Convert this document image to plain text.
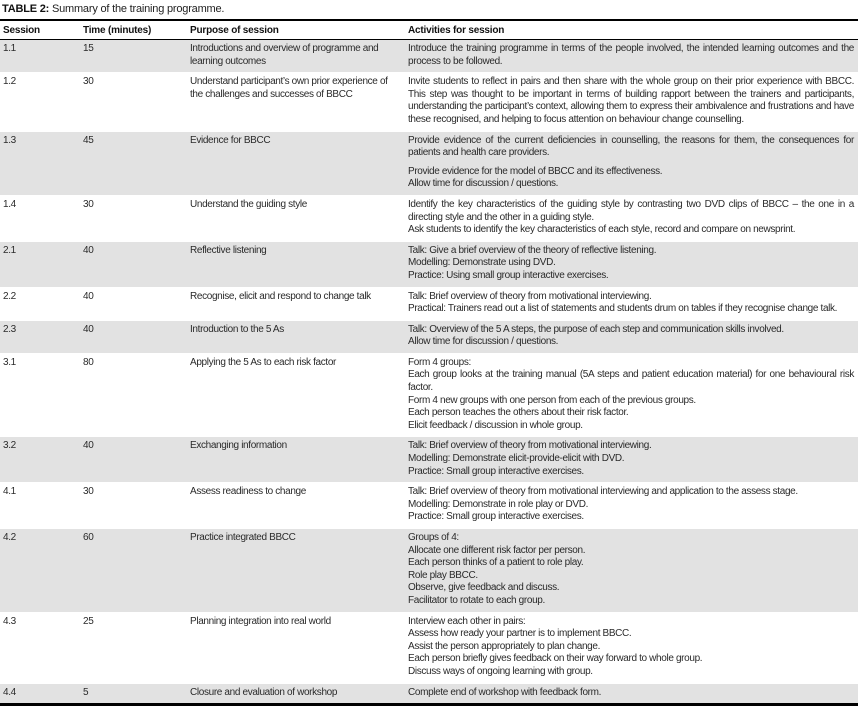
TABLE 2: Summary of the training programme.
Session	Time (minutes)	Purpose of session	Activities for session
1.1	15	Introductions and overview of programme and learning outcomes	Introduce the training programme in terms of the people involved, the intended learning outcomes and the process to be followed.

1.2	30	Understand participant’s own prior experience of the challenges and successes of BBCC	Invite students to reflect in pairs and then share with the whole group on their prior experience with BBCC. This step was thought to be important in terms of building rapport between the trainers and participants, understanding the participant’s context, allowing them to express their ambivalence and frustrations and have these recognised, and helping to focus attention on behaviour change counselling.

1.3	45	Evidence for BBCC	Provide evidence of the current deficiencies in counselling, the reasons for them, the consequences for patients and health care providers.
Provide evidence for the model of BBCC and its effectiveness.
Allow time for discussion / questions.

1.4	30	Understand the guiding style	Identify the key characteristics of the guiding style by contrasting two DVD clips of BBCC – the one in a directing style and the other in a guiding style.
Ask students to identify the key characteristics of each style, record and compare on newsprint.

2.1	40	Reflective listening	Talk: Give a brief overview of the theory of reflective listening.
Modelling: Demonstrate using DVD.
Practice: Using small group interactive exercises.

2.2	40	Recognise, elicit and respond to change talk	Talk: Brief overview of theory from motivational interviewing.
Practical: Trainers read out a list of statements and students drum on tables if they recognise change talk.

2.3	40	Introduction to the 5 As	Talk: Overview of the 5 A steps, the purpose of each step and communication skills involved.
Allow time for discussion / questions.

3.1	80	Applying the 5 As to each risk factor	Form 4 groups:
Each group looks at the training manual (5A steps and patient education material) for one behavioural risk factor.
Form 4 new groups with one person from each of the previous groups.
Each person teaches the others about their risk factor.
Elicit feedback / discussion in whole group.

3.2	40	Exchanging information	Talk: Brief overview of theory from motivational interviewing.
Modelling: Demonstrate elicit-provide-elicit with DVD.
Practice: Small group interactive exercises.

4.1	30	Assess readiness to change	Talk: Brief overview of theory from motivational interviewing and application to the assess stage.
Modelling: Demonstrate in role play or DVD.
Practice: Small group interactive exercises.

4.2	60	Practice integrated BBCC	Groups of 4:
Allocate one different risk factor per person.
Each person thinks of a patient to role play.
Role play BBCC.
Observe, give feedback and discuss.
Facilitator to rotate to each group.

4.3	25	Planning integration into real world	Interview each other in pairs:
Assess how ready your partner is to implement BBCC.
Assist the person appropriately to plan change.
Each person briefly gives feedback on their way forward to whole group.
Discuss ways of ongoing learning with group.

4.4	5	Closure and evaluation of workshop	Complete end of workshop with feedback form.
